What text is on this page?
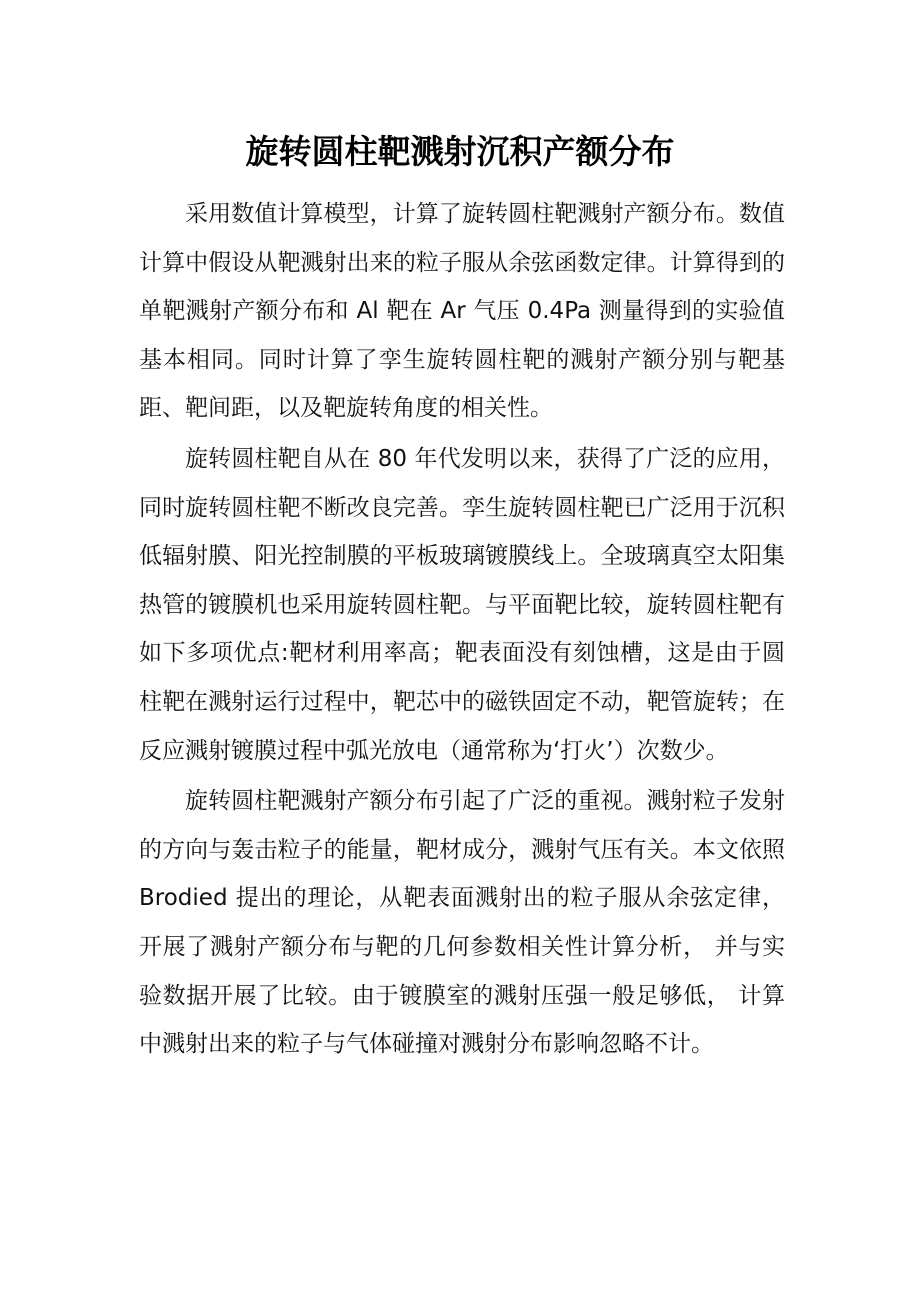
旋转圆柱靶溅射沉积产额分布

采用数值计算模型，计算了旋转圆柱靶溅射产额分布。数值计算中假设从靶溅射出来的粒子服从余弦函数定律。计算得到的单靶溅射产额分布和 Al 靶在 Ar 气压 0.4Pa 测量得到的实验值基本相同。同时计算了孪生旋转圆柱靶的溅射产额分别与靶基距、靶间距，以及靶旋转角度的相关性。

旋转圆柱靶自从在 80 年代发明以来，获得了广泛的应用，同时旋转圆柱靶不断改良完善。孪生旋转圆柱靶已广泛用于沉积低辐射膜、阳光控制膜的平板玻璃镀膜线上。全玻璃真空太阳集热管的镀膜机也采用旋转圆柱靶。与平面靶比较，旋转圆柱靶有如下多项优点:靶材利用率高；靶表面没有刻蚀槽，这是由于圆柱靶在溅射运行过程中，靶芯中的磁铁固定不动，靶管旋转；在反应溅射镀膜过程中弧光放电（通常称为‘打火’）次数少。

旋转圆柱靶溅射产额分布引起了广泛的重视。溅射粒子发射的方向与轰击粒子的能量，靶材成分，溅射气压有关。本文依照 Brodied 提出的理论，从靶表面溅射出的粒子服从余弦定律，开展了溅射产额分布与靶的几何参数相关性计算分析， 并与实验数据开展了比较。由于镀膜室的溅射压强一般足够低， 计算中溅射出来的粒子与气体碰撞对溅射分布影响忽略不计。
